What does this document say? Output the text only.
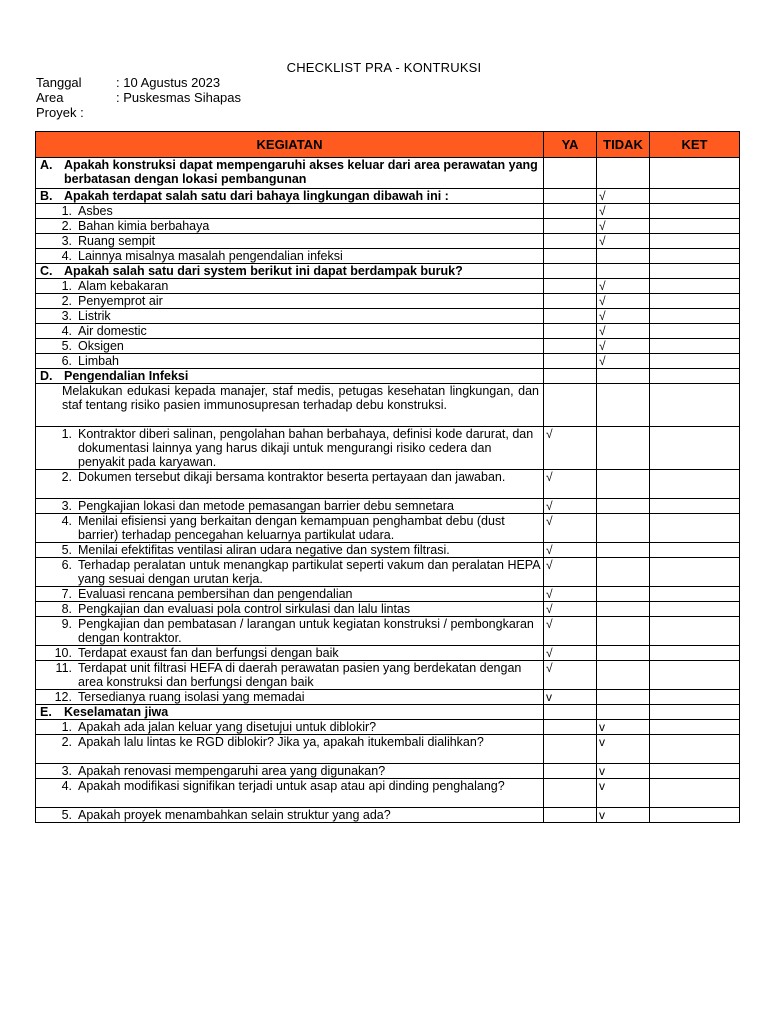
CHECKLIST PRA - KONTRUKSI
Tanggal	: 10 Agustus 2023
Area	: Puskesmas Sihapas
Proyek :
KEGIATAN	YA	TIDAK	KET

A. Apakah konstruksi dapat mempengaruhi akses keluar dari area perawatan yang berbatasan dengan lokasi pembangunan			

B. Apakah terdapat salah satu dari bahaya lingkungan dibawah ini :		√	

1. Asbes		√	

2. Bahan kimia berbahaya		√	

3. Ruang sempit		√	

4. Lainnya misalnya masalah pengendalian infeksi			

C. Apakah salah satu dari system berikut ini dapat berdampak buruk?			

1. Alam kebakaran		√	

2. Penyemprot air		√	

3. Listrik		√	

4. Air domestic		√	

5. Oksigen		√	

6. Limbah		√	

D. Pengendalian Infeksi			

Melakukan edukasi kepada manajer, staf medis, petugas kesehatan lingkungan, dan staf tentang risiko pasien immunosupresan terhadap debu konstruksi.			

1. Kontraktor diberi salinan, pengolahan bahan berbahaya, definisi kode darurat, dan dokumentasi lainnya yang harus dikaji untuk mengurangi risiko cedera dan penyakit pada karyawan.	√		

2. Dokumen tersebut dikaji bersama kontraktor beserta pertayaan dan jawaban.	√		

3. Pengkajian lokasi dan metode pemasangan barrier debu semnetara	√		

4. Menilai efisiensi yang berkaitan dengan kemampuan penghambat debu (dust barrier) terhadap pencegahan keluarnya partikulat udara.	√		

5. Menilai efektifitas ventilasi aliran udara negative dan system filtrasi.	√		

6. Terhadap peralatan untuk menangkap partikulat seperti vakum dan peralatan HEPA yang sesuai dengan urutan kerja.	√		

7. Evaluasi rencana pembersihan dan pengendalian	√		

8. Pengkajian dan evaluasi pola control sirkulasi dan lalu lintas	√		

9. Pengkajian dan pembatasan / larangan untuk kegiatan konstruksi / pembongkaran dengan kontraktor.	√		

10. Terdapat exaust fan dan berfungsi dengan baik	√		

11. Terdapat unit filtrasi HEFA di daerah perawatan pasien yang berdekatan dengan area konstruksi dan berfungsi dengan baik	√		

12. Tersedianya ruang isolasi yang memadai	v		

E. Keselamatan jiwa			

1. Apakah ada jalan keluar yang disetujui untuk diblokir?		v	

2. Apakah lalu lintas ke RGD diblokir? Jika ya, apakah itukembali dialihkan?		v	

3. Apakah renovasi mempengaruhi area yang digunakan?		v	

4. Apakah modifikasi signifikan terjadi untuk asap atau api dinding penghalang?		v	

5. Apakah proyek menambahkan selain struktur yang ada?		v	
